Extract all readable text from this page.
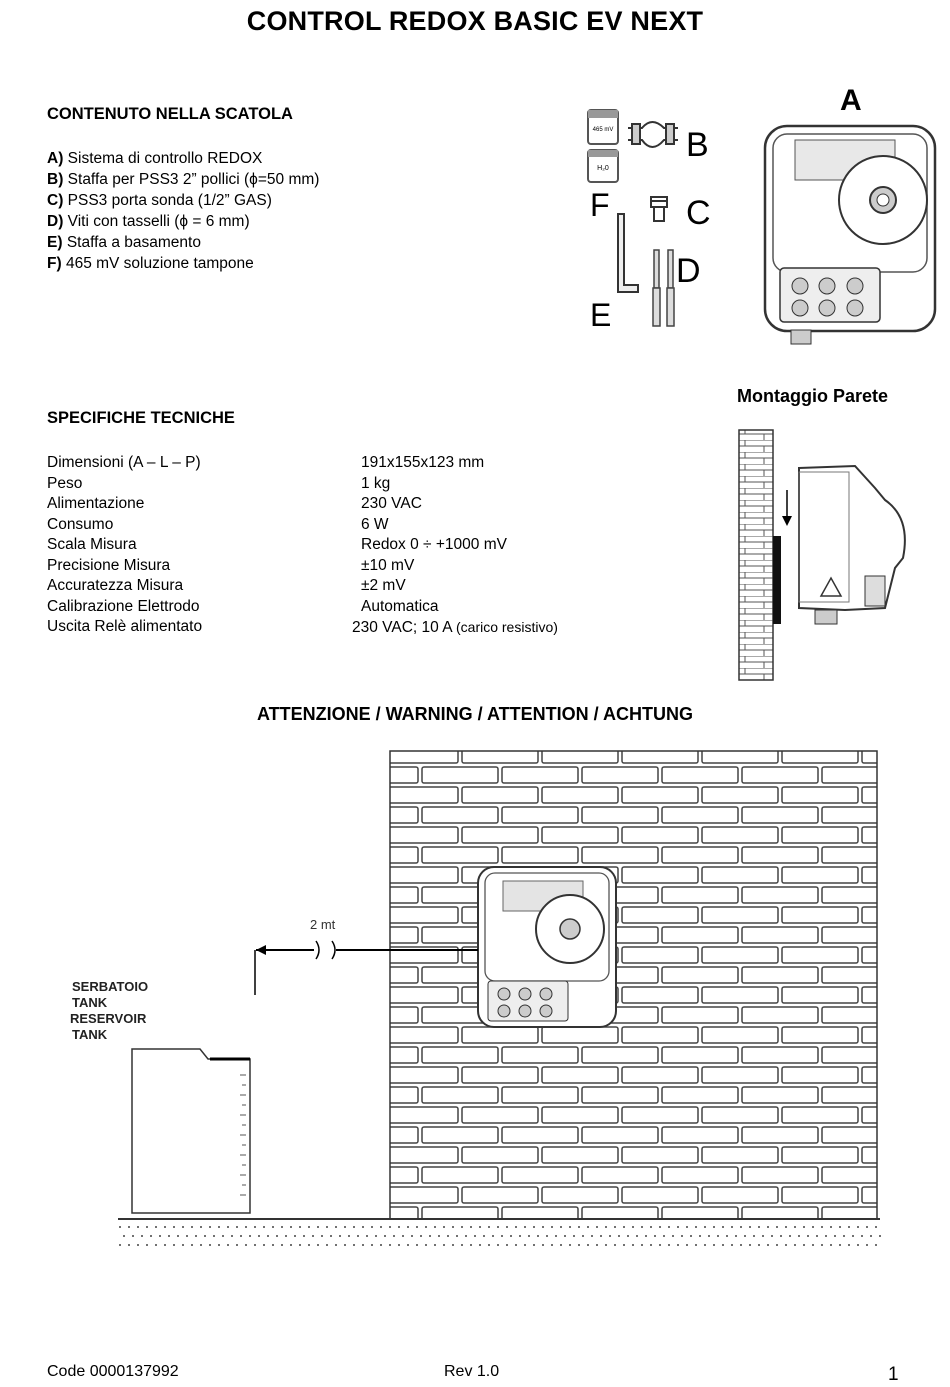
CONTROL REDOX BASIC EV NEXT
CONTENUTO NELLA SCATOLA
A) Sistema di controllo REDOX
B) Staffa per PSS3 2” pollici (ϕ=50 mm)
C) PSS3 porta sonda (1/2” GAS)
D) Viti con tasselli (ϕ = 6 mm)
E) Staffa a basamento
F) 465 mV soluzione tampone
465 mV
H₂0
B
F C
D
E
A
SPECIFICHE TECNICHE
Dimensioni (A – L – P)
Peso
Alimentazione
Consumo
Scala Misura
Precisione Misura
Accuratezza Misura
Calibrazione Elettrodo
Uscita Relè alimentato
191x155x123 mm
1 kg
230 VAC
6 W
Redox 0 ÷ +1000 mV
±10 mV
±2 mV
Automatica
230 VAC; 10 A (carico resistivo)
Montaggio Parete
ATTENZIONE / WARNING / ATTENTION / ACHTUNG
2 mt
SERBATOIO
TANK
RESERVOIR
TANK
Code 0000137992	Rev 1.0	1
